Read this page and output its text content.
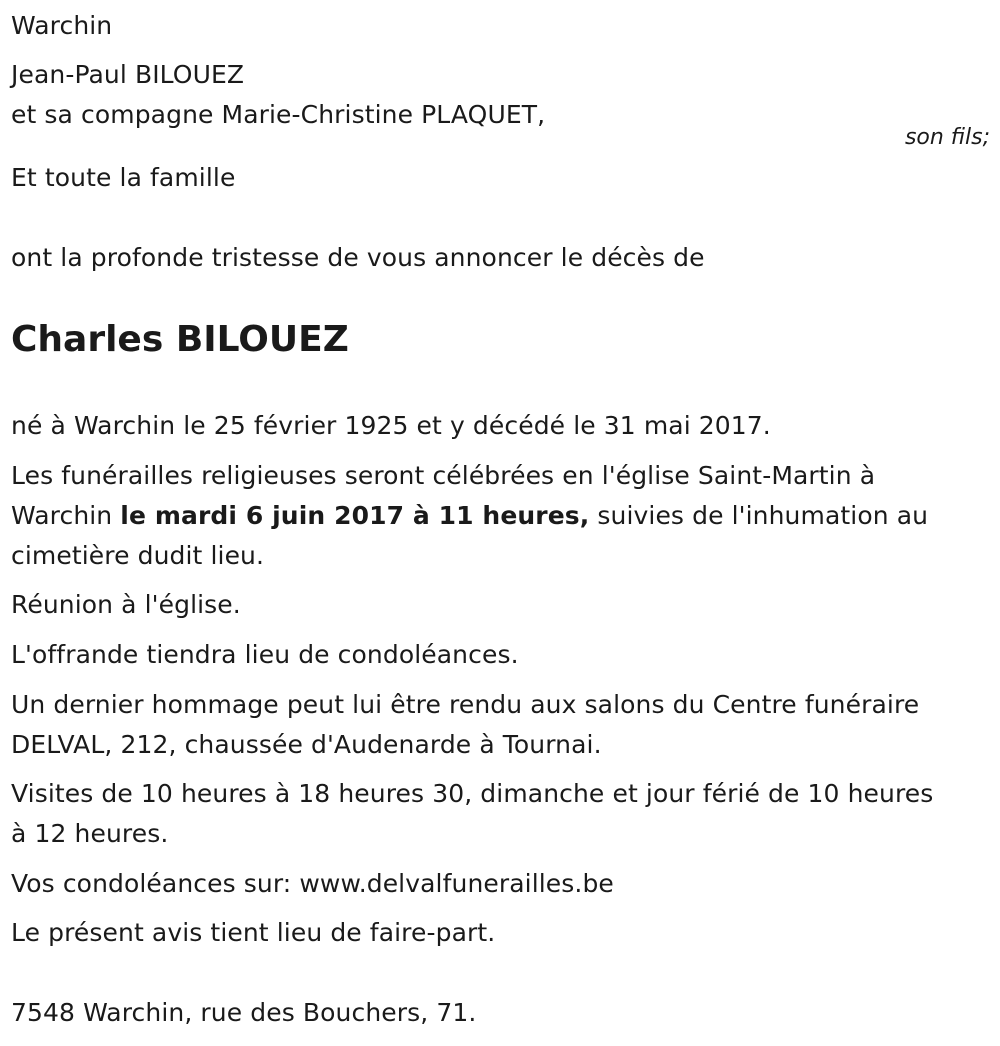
Warchin
Jean-Paul BILOUEZ
et sa compagne Marie-Christine PLAQUET,
son fils;
Et toute la famille
ont la profonde tristesse de vous annoncer le décès de
Charles BILOUEZ
né à Warchin le 25 février 1925 et y décédé le 31 mai 2017.
Les funérailles religieuses seront célébrées en l'église Saint-Martin à
Warchin le mardi 6 juin 2017 à 11 heures, suivies de l'inhumation au
cimetière dudit lieu.
Réunion à l'église.
L'offrande tiendra lieu de condoléances.
Un dernier hommage peut lui être rendu aux salons du Centre funéraire
DELVAL, 212, chaussée d'Audenarde à Tournai.
Visites de 10 heures à 18 heures 30, dimanche et jour férié de 10 heures
à 12 heures.
Vos condoléances sur: www.delvalfunerailles.be
Le présent avis tient lieu de faire-part.
7548 Warchin, rue des Bouchers, 71.
